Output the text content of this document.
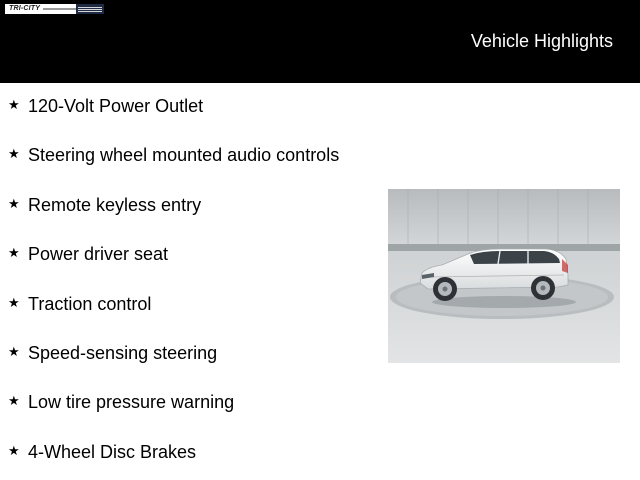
TRI-CITY
Vehicle Highlights
★ 120-Volt Power Outlet
★ Steering wheel mounted audio controls
★ Remote keyless entry
★ Power driver seat
★ Traction control
★ Speed-sensing steering
★ Low tire pressure warning
★ 4-Wheel Disc Brakes
